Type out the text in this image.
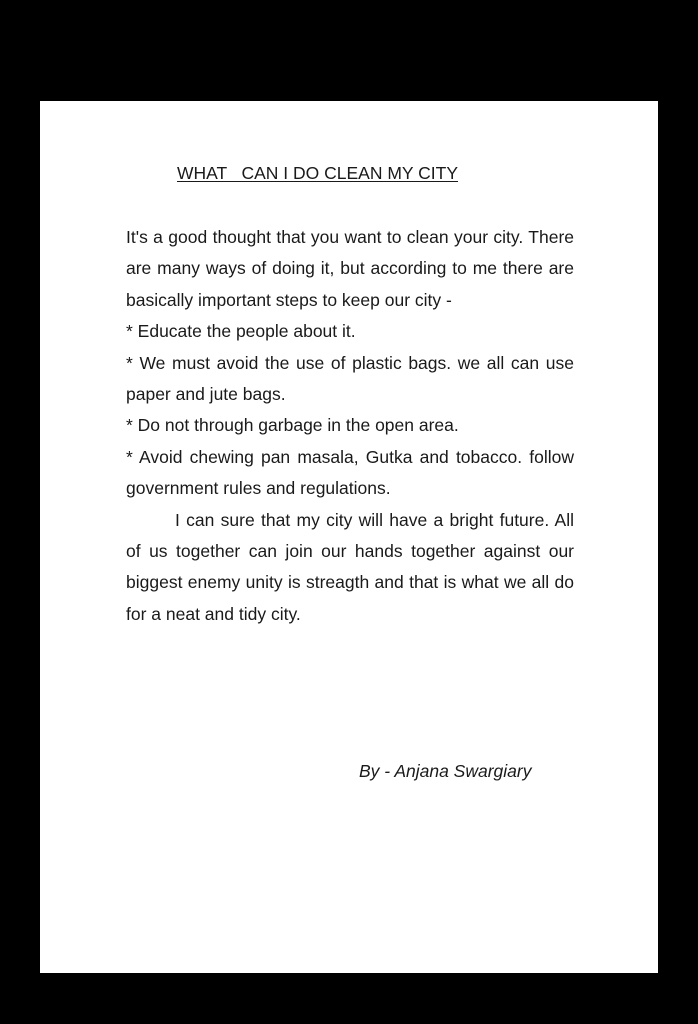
WHAT   CAN I DO CLEAN MY CITY

It's a good thought that you want to clean your city. There are many ways of doing it, but according to me there are basically important steps to keep our city -

* Educate the people about it.

* We must avoid the use of plastic bags. we all can use paper and jute bags.

* Do not through garbage in the open area.

* Avoid chewing pan masala, Gutka and tobacco. follow government rules and regulations.

I can sure that my city will have a bright future. All of us together can join our hands together against our biggest enemy unity is streagth and that is what we all do for a neat and tidy city.

By - Anjana Swargiary
